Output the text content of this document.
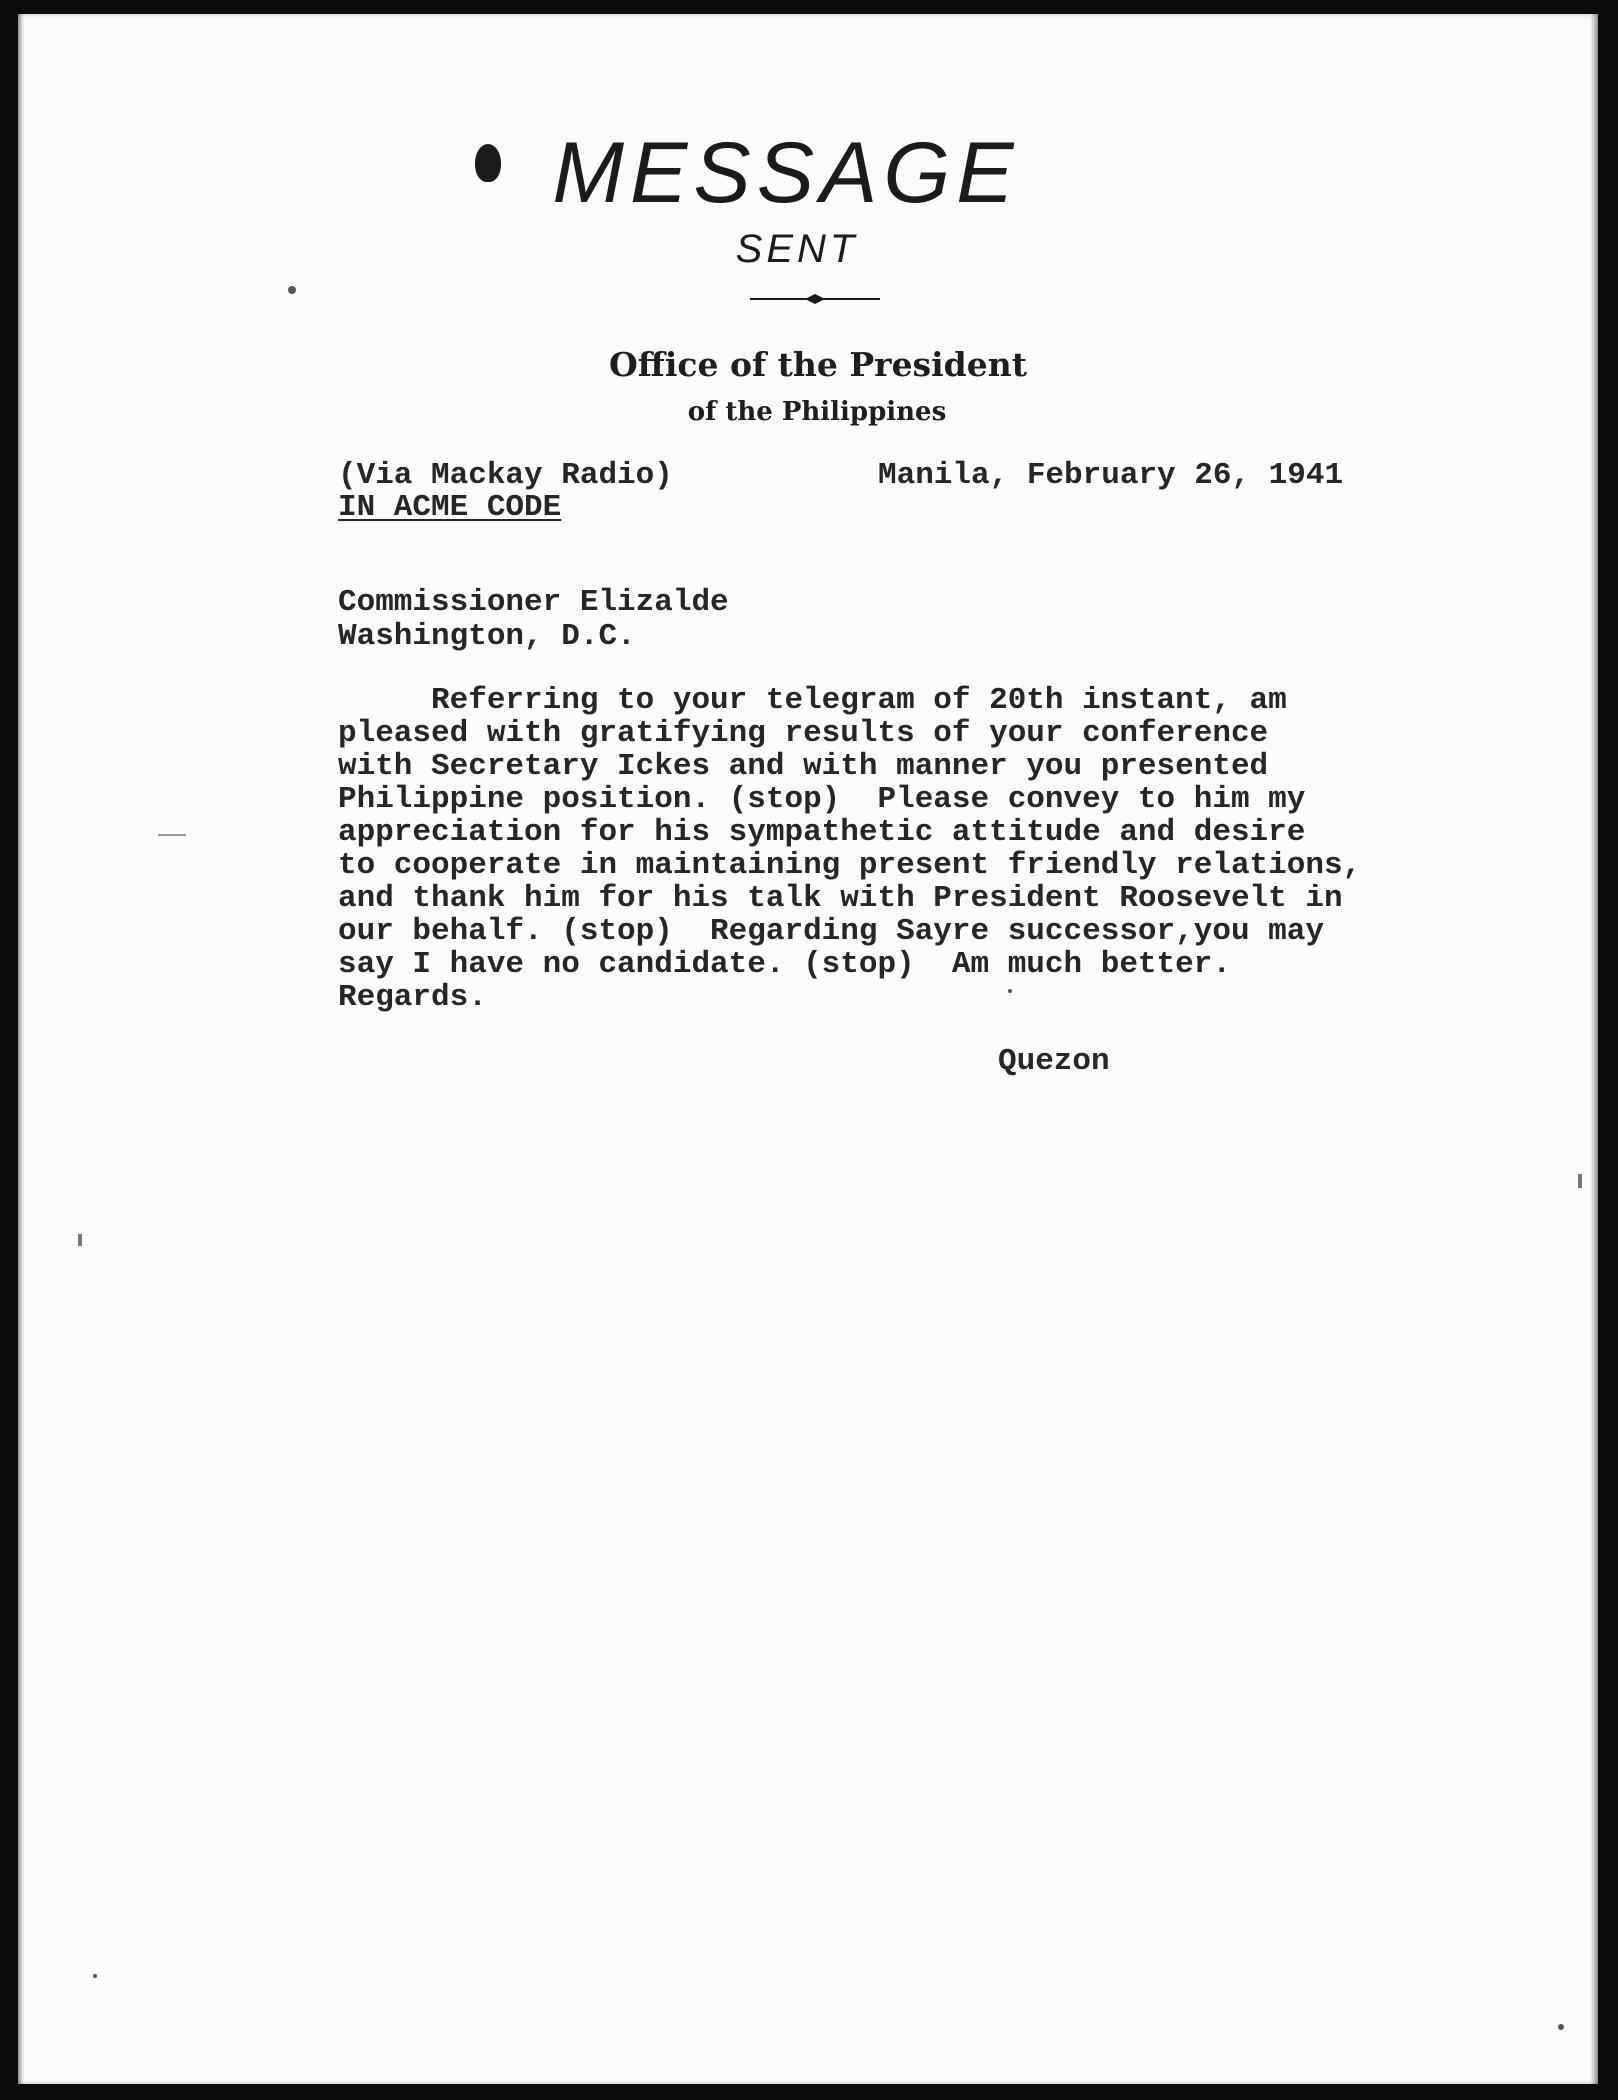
MESSAGE
SENT
Office of the President
of the Philippines
(Via Mackay Radio)	Manila, February 26, 1941
IN ACME CODE
Commissioner Elizalde
Washington, D.C.
Referring to your telegram of 20th instant, am
pleased with gratifying results of your conference
with Secretary Ickes and with manner you presented
Philippine position. (stop)  Please convey to him my
appreciation for his sympathetic attitude and desire
to cooperate in maintaining present friendly relations,
and thank him for his talk with President Roosevelt in
our behalf. (stop)  Regarding Sayre successor,you may
say I have no candidate. (stop)  Am much better.
Regards.
Quezon
